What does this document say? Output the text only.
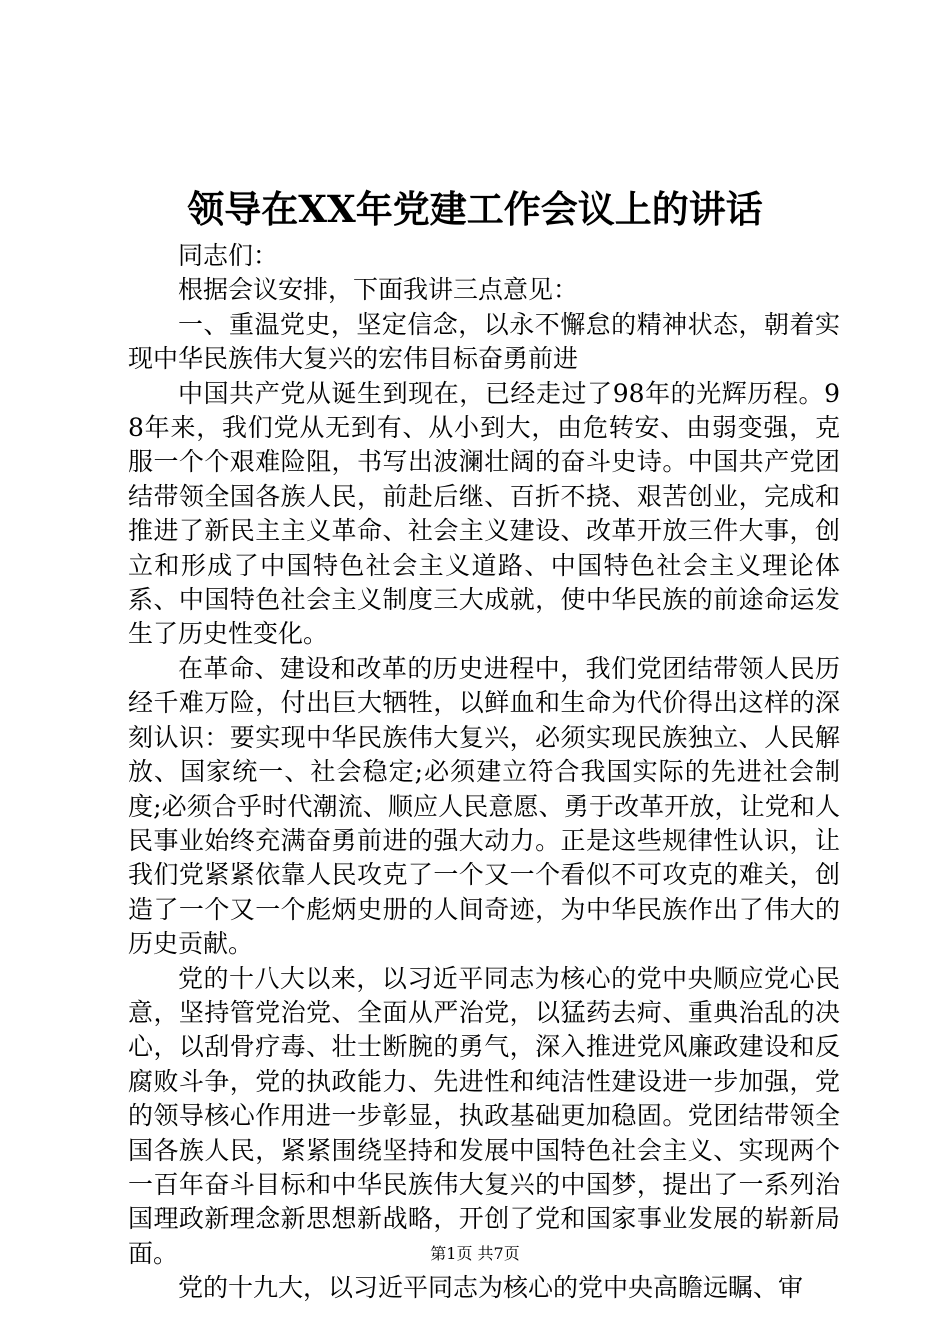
领导在XX年党建工作会议上的讲话

同志们：

根据会议安排，下面我讲三点意见：

一、重温党史，坚定信念，以永不懈怠的精神状态，朝着实现中华民族伟大复兴的宏伟目标奋勇前进

中国共产党从诞生到现在，已经走过了98年的光辉历程。98年来，我们党从无到有、从小到大，由危转安、由弱变强，克服一个个艰难险阻，书写出波澜壮阔的奋斗史诗。中国共产党团结带领全国各族人民，前赴后继、百折不挠、艰苦创业，完成和推进了新民主主义革命、社会主义建设、改革开放三件大事，创立和形成了中国特色社会主义道路、中国特色社会主义理论体系、中国特色社会主义制度三大成就，使中华民族的前途命运发生了历史性变化。

在革命、建设和改革的历史进程中，我们党团结带领人民历经千难万险，付出巨大牺牲，以鲜血和生命为代价得出这样的深刻认识：要实现中华民族伟大复兴，必须实现民族独立、人民解放、国家统一、社会稳定;必须建立符合我国实际的先进社会制度;必须合乎时代潮流、顺应人民意愿、勇于改革开放，让党和人民事业始终充满奋勇前进的强大动力。正是这些规律性认识，让我们党紧紧依靠人民攻克了一个又一个看似不可攻克的难关，创造了一个又一个彪炳史册的人间奇迹，为中华民族作出了伟大的历史贡献。

党的十八大以来，以习近平同志为核心的党中央顺应党心民意，坚持管党治党、全面从严治党，以猛药去疴、重典治乱的决心，以刮骨疗毒、壮士断腕的勇气，深入推进党风廉政建设和反腐败斗争，党的执政能力、先进性和纯洁性建设进一步加强，党的领导核心作用进一步彰显，执政基础更加稳固。党团结带领全国各族人民，紧紧围绕坚持和发展中国特色社会主义、实现两个一百年奋斗目标和中华民族伟大复兴的中国梦，提出了一系列治国理政新理念新思想新战略，开创了党和国家事业发展的崭新局面。

党的十九大，以习近平同志为核心的党中央高瞻远瞩、审

第1页 共7页
